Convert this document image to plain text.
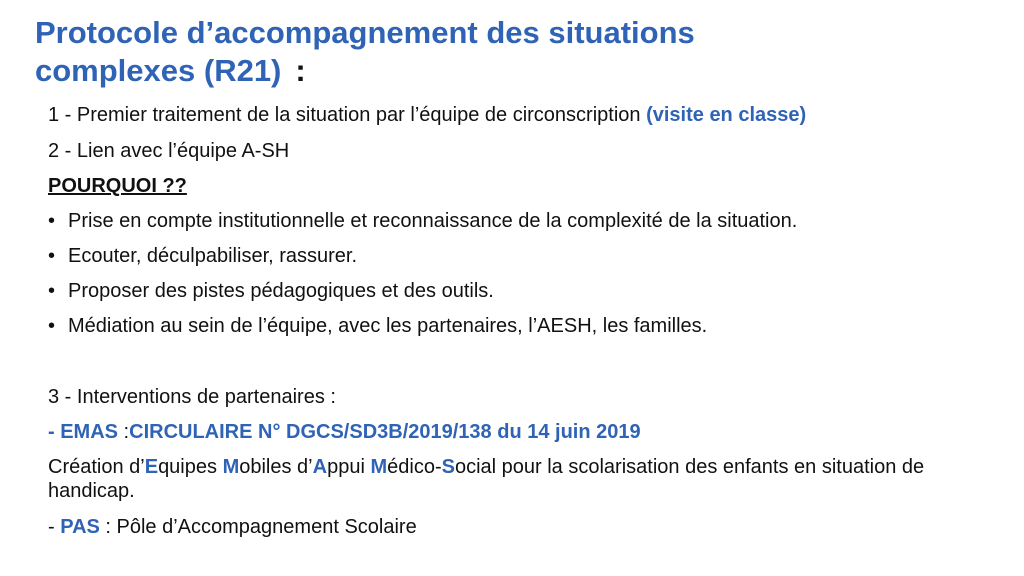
Protocole d’accompagnement des situations
complexes (R21) :
1 - Premier traitement de la situation par l’équipe de circonscription (visite en classe)
2 - Lien avec l’équipe A-SH
POURQUOI ??
• Prise en compte institutionnelle et reconnaissance de la complexité de la situation.
• Ecouter, déculpabiliser, rassurer.
• Proposer des pistes pédagogiques et des outils.
• Médiation au sein de l’équipe, avec les partenaires, l’AESH, les familles.
3 - Interventions de partenaires :
- EMAS :CIRCULAIRE N° DGCS/SD3B/2019/138 du 14 juin 2019
Création d’Equipes Mobiles d’Appui Médico-Social pour la scolarisation des enfants en situation de handicap.
- PAS : Pôle d’Accompagnement Scolaire
